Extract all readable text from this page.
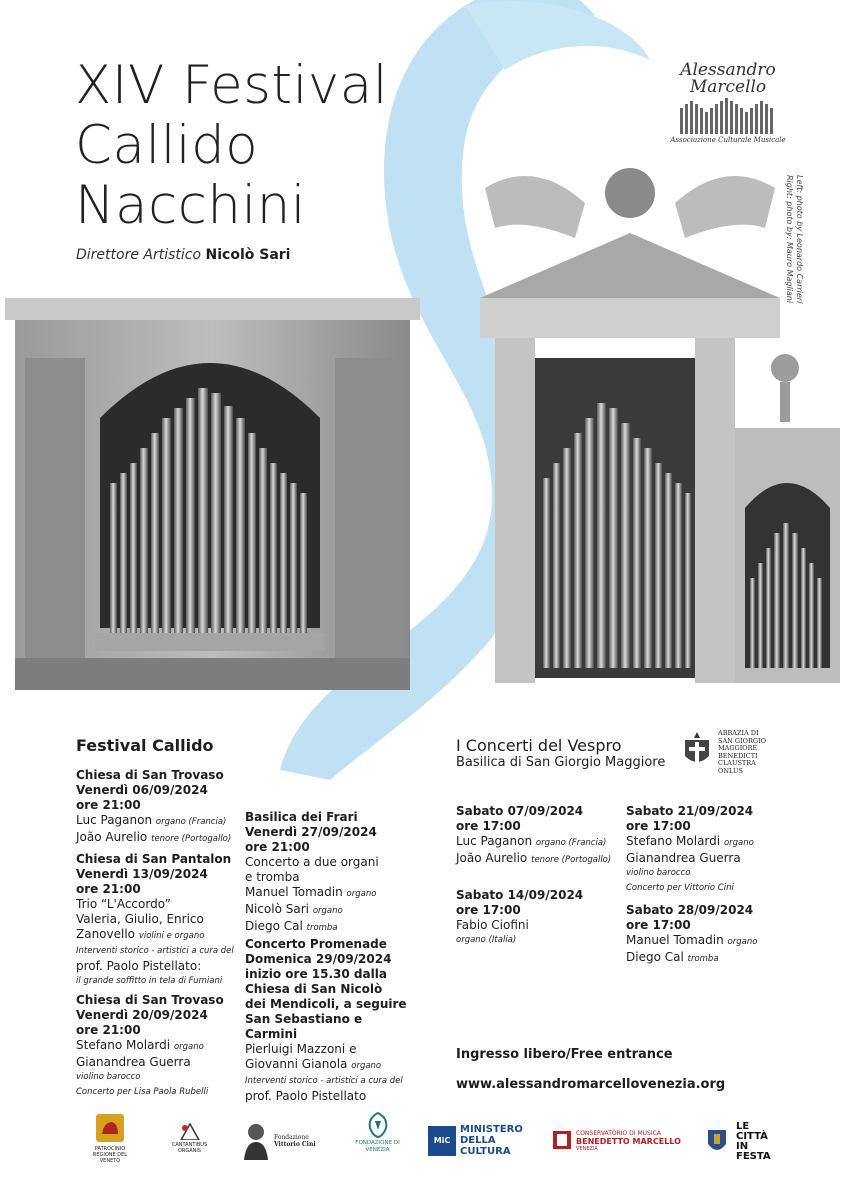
XIV Festival
Callido
Nacchini
Direttore Artistico Nicolò Sari
Alessandro
Marcello
Associazione Culturale Musicale
Left: photo by Leonardo Carrieri
Right: photo by: Mauro Magliani
Festival Callido
Chiesa di San Trovaso
Venerdì 06/09/2024
ore 21:00
Luc Paganon organo (Francia)
João Aurelio tenore (Portogallo)
Chiesa di San Pantalon
Venerdì 13/09/2024
ore 21:00
Trio “L'Accordo”
Valeria, Giulio, Enrico
Zanovello violini e organo
Interventi storico - artistici a cura del
prof. Paolo Pistellato:
il grande soffitto in tela di Fumiani
Chiesa di San Trovaso
Venerdì 20/09/2024
ore 21:00
Stefano Molardi organo
Gianandrea Guerra
violino barocco
Concerto per Lisa Paola Rubelli
Basilica dei Frari
Venerdì 27/09/2024
ore 21:00
Concerto a due organi
e tromba
Manuel Tomadin organo
Nicolò Sari organo
Diego Cal tromba
Concerto Promenade
Domenica 29/09/2024
inizio ore 15.30 dalla
Chiesa di San Nicolò
dei Mendicoli, a seguire
San Sebastiano e Carmini
Pierluigi Mazzoni e
Giovanni Gianola organo
Interventi storico - artistici a cura del
prof. Paolo Pistellato
I Concerti del Vespro
Basilica di San Giorgio Maggiore
ABBAZIA DI
SAN GIORGIO
MAGGIORE
BENEDICTI
CLAUSTRA
ONLUS
Sabato 07/09/2024
ore 17:00
Luc Paganon organo (Francia)
João Aurelio tenore (Portogallo)
Sabato 14/09/2024
ore 17:00
Fabio Ciofini
organo (Italia)
Sabato 21/09/2024
ore 17:00
Stefano Molardi organo
Gianandrea Guerra
violino barocco
Concerto per Vittorio Cini
Sabato 28/09/2024
ore 17:00
Manuel Tomadin organo
Diego Cal tromba
Ingresso libero/Free entrance
www.alessandromarcellovenezia.org
PATROCINIO REGIONE DEL VENETO
CANTANTIBUS ORGANIS
Fondazione
Vittorio Cini	FONDAZIONE DI VENEZIA
MiC
MINISTERO
DELLA
CULTURA
CONSERVATORIO DI MUSICA
BENEDETTO MARCELLO
VENEZIA
LE
CITTÀ
IN
FESTA
